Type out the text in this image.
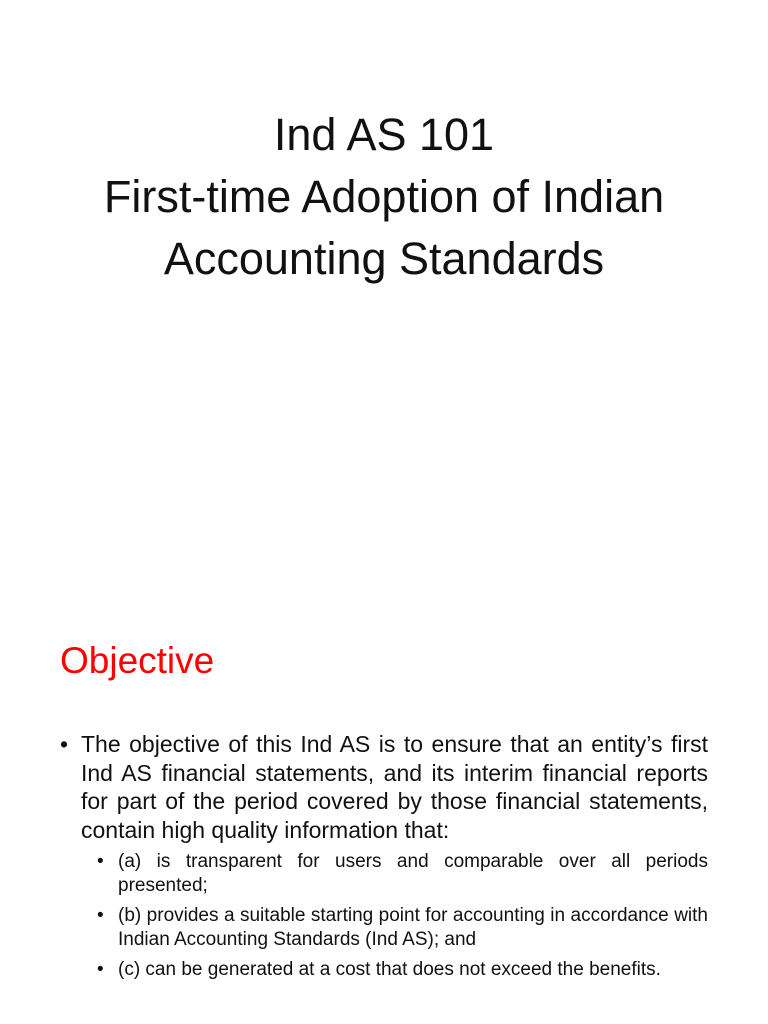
Ind AS 101
First-time Adoption of Indian
Accounting Standards
Objective
• The objective of this Ind AS is to ensure that an entity’s first Ind AS financial statements, and its interim financial reports for part of the period covered by those financial statements, contain high quality information that:
• (a) is transparent for users and comparable over all periods presented;
• (b) provides a suitable starting point for accounting in accordance with Indian Accounting Standards (Ind AS); and
• (c) can be generated at a cost that does not exceed the benefits.
